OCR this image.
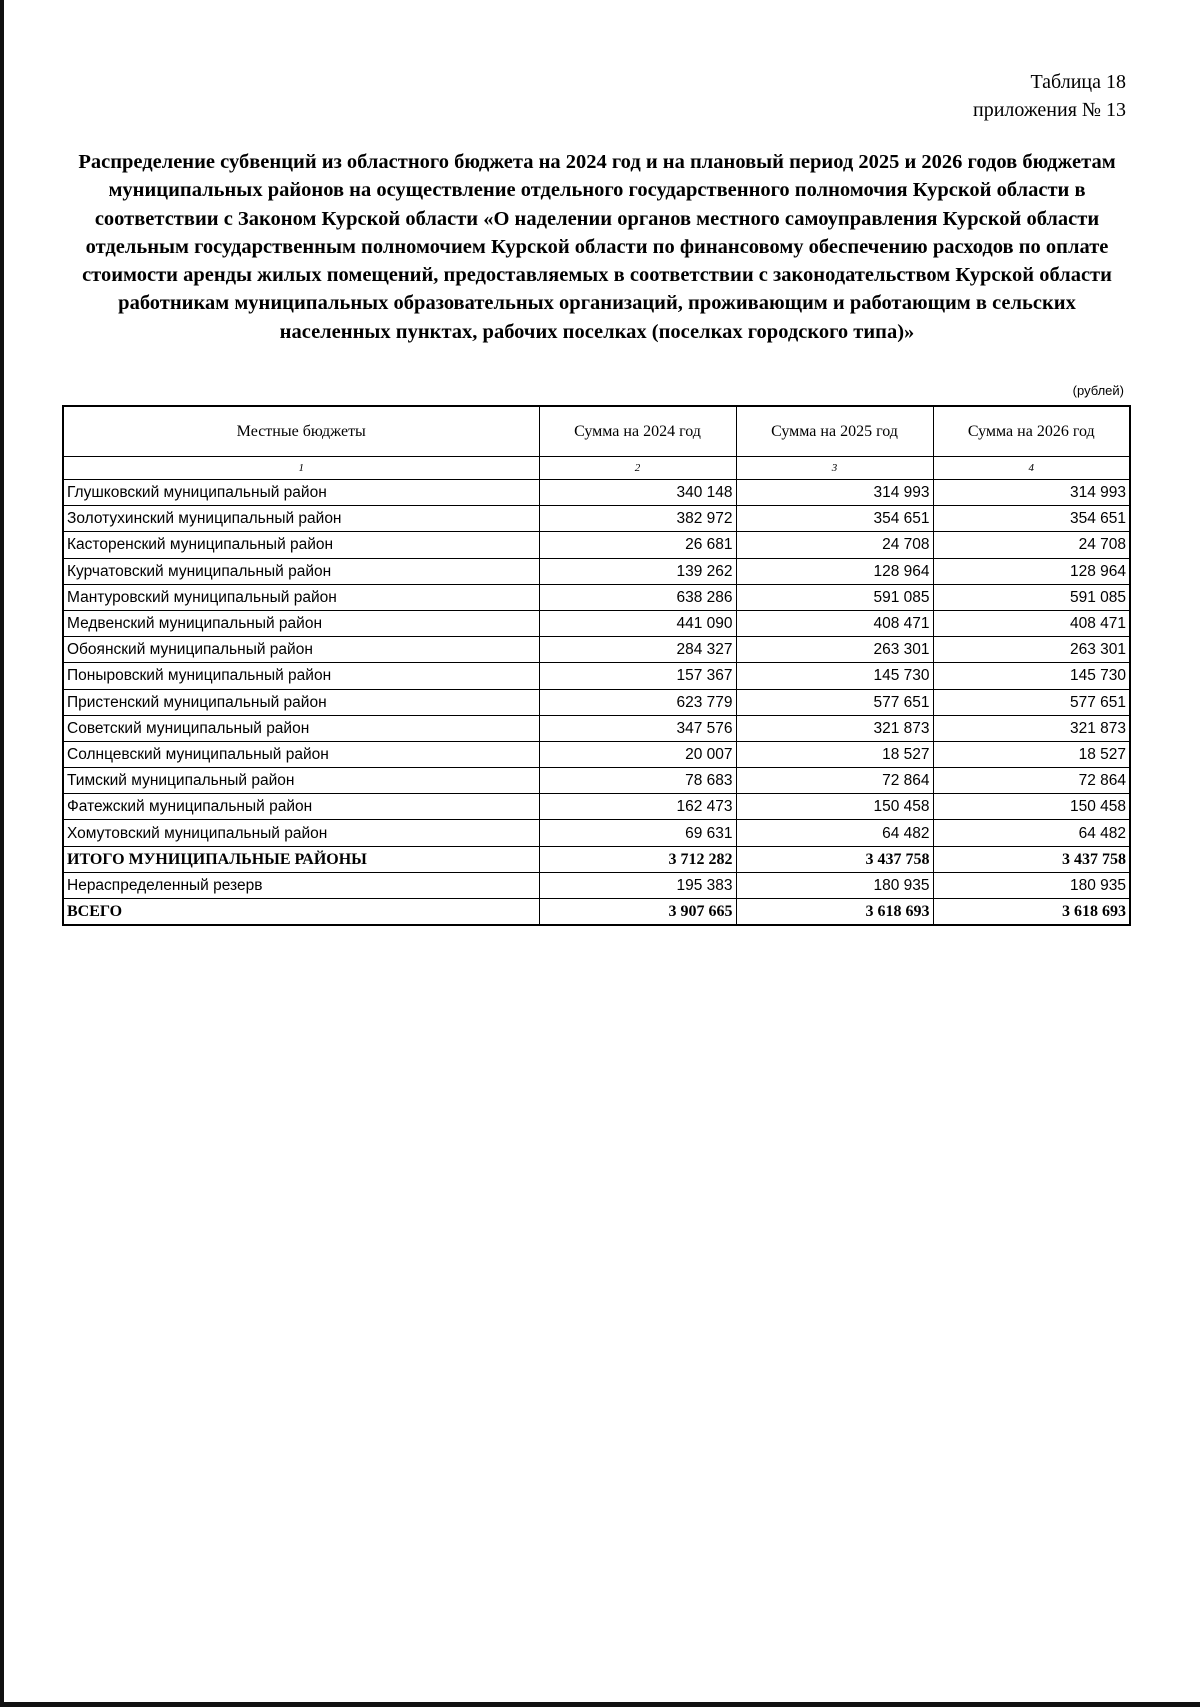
Таблица 18
приложения № 13

Распределение субвенций из областного бюджета на 2024 год и на плановый период 2025 и 2026 годов бюджетам муниципальных районов на осуществление отдельного государственного полномочия Курской области в соответствии с Законом Курской области «О наделении органов местного самоуправления Курской области отдельным государственным полномочием Курской области по финансовому обеспечению расходов по оплате стоимости аренды жилых помещений, предоставляемых в соответствии с законодательством Курской области работникам муниципальных образовательных организаций, проживающим и работающим в сельских населенных пунктах, рабочих поселках (поселках городского типа)»

(рублей)
Местные бюджеты	Сумма на 2024 год	Сумма на 2025 год	Сумма на 2026 год
1	2	3	4
Глушковский муниципальный район	340 148	314 993	314 993
Золотухинский муниципальный район	382 972	354 651	354 651
Касторенский муниципальный район	26 681	24 708	24 708
Курчатовский муниципальный район	139 262	128 964	128 964
Мантуровский муниципальный район	638 286	591 085	591 085
Медвенский муниципальный район	441 090	408 471	408 471
Обоянский муниципальный район	284 327	263 301	263 301
Поныровский муниципальный район	157 367	145 730	145 730
Пристенский муниципальный район	623 779	577 651	577 651
Советский муниципальный район	347 576	321 873	321 873
Солнцевский муниципальный район	20 007	18 527	18 527
Тимский муниципальный район	78 683	72 864	72 864
Фатежский муниципальный район	162 473	150 458	150 458
Хомутовский муниципальный район	69 631	64 482	64 482
ИТОГО МУНИЦИПАЛЬНЫЕ РАЙОНЫ	3 712 282	3 437 758	3 437 758
Нераспределенный резерв	195 383	180 935	180 935
ВСЕГО	3 907 665	3 618 693	3 618 693
